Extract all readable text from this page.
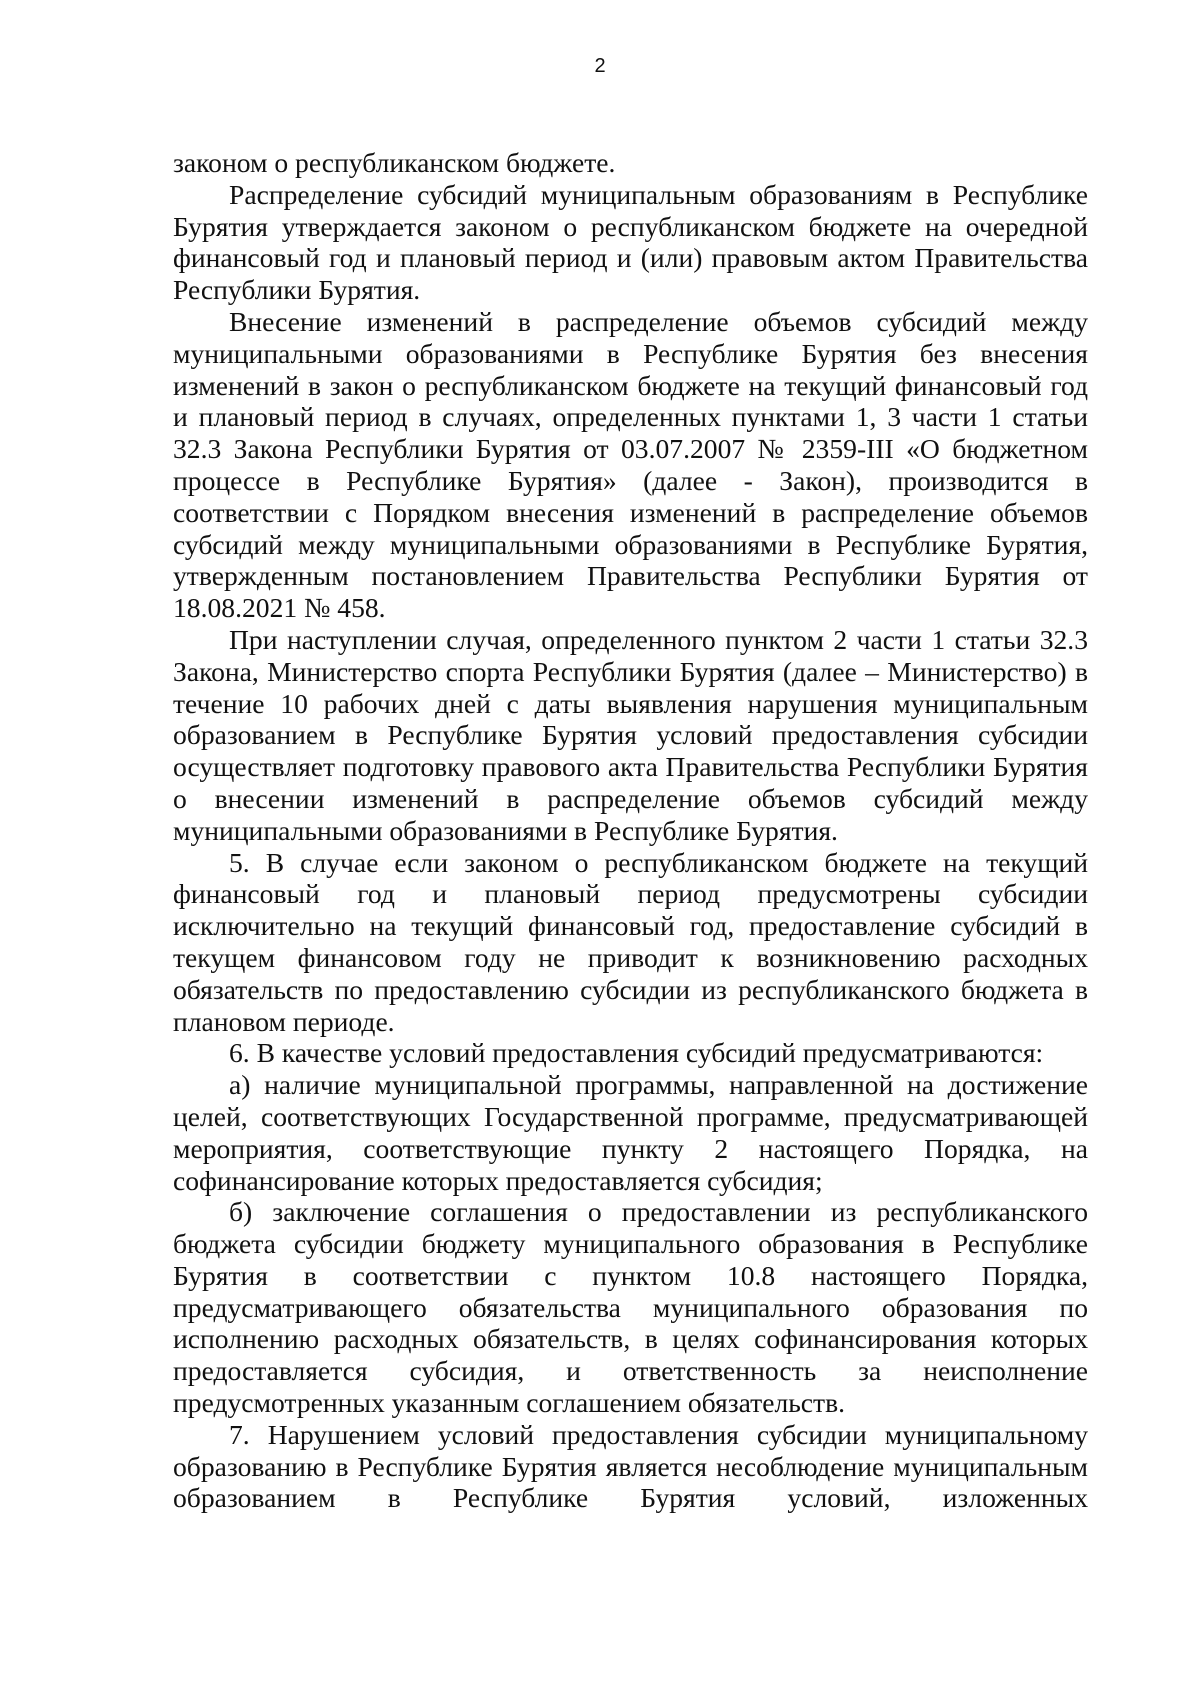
2

законом о республиканском бюджете.

Распределение субсидий муниципальным образованиям в Республике Бурятия утверждается законом о республиканском бюджете на очередной финансовый год и плановый период и (или) правовым актом Правительства Республики Бурятия.

Внесение изменений в распределение объемов субсидий между муниципальными образованиями в Республике Бурятия без внесения изменений в закон о республиканском бюджете на текущий финансовый год и плановый период в случаях, определенных пунктами 1, 3 части 1 статьи 32.3 Закона Республики Бурятия от 03.07.2007 № 2359-III «О бюджетном процессе в Республике Бурятия» (далее - Закон), производится в соответствии с Порядком внесения изменений в распределение объемов субсидий между муниципальными образованиями в Республике Бурятия, утвержденным постановлением Правительства Республики Бурятия от 18.08.2021 № 458.

При наступлении случая, определенного пунктом 2 части 1 статьи 32.3 Закона, Министерство спорта Республики Бурятия (далее – Министерство) в течение 10 рабочих дней с даты выявления нарушения муниципальным образованием в Республике Бурятия условий предоставления субсидии осуществляет подготовку правового акта Правительства Республики Бурятия о внесении изменений в распределение объемов субсидий между муниципальными образованиями в Республике Бурятия.

5. В случае если законом о республиканском бюджете на текущий финансовый год и плановый период предусмотрены субсидии исключительно на текущий финансовый год, предоставление субсидий в текущем финансовом году не приводит к возникновению расходных обязательств по предоставлению субсидии из республиканского бюджета в плановом периоде.

6. В качестве условий предоставления субсидий предусматриваются:

а) наличие муниципальной программы, направленной на достижение целей, соответствующих Государственной программе, предусматривающей мероприятия, соответствующие пункту 2 настоящего Порядка, на софинансирование которых предоставляется субсидия;

б) заключение соглашения о предоставлении из республиканского бюджета субсидии бюджету муниципального образования в Республике Бурятия в соответствии с пунктом 10.8 настоящего Порядка, предусматривающего обязательства муниципального образования по исполнению расходных обязательств, в целях софинансирования которых предоставляется субсидия, и ответственность за неисполнение предусмотренных указанным соглашением обязательств.

7. Нарушением условий предоставления субсидии муниципальному образованию в Республике Бурятия является несоблюдение муниципальным образованием в Республике Бурятия условий, изложенных
